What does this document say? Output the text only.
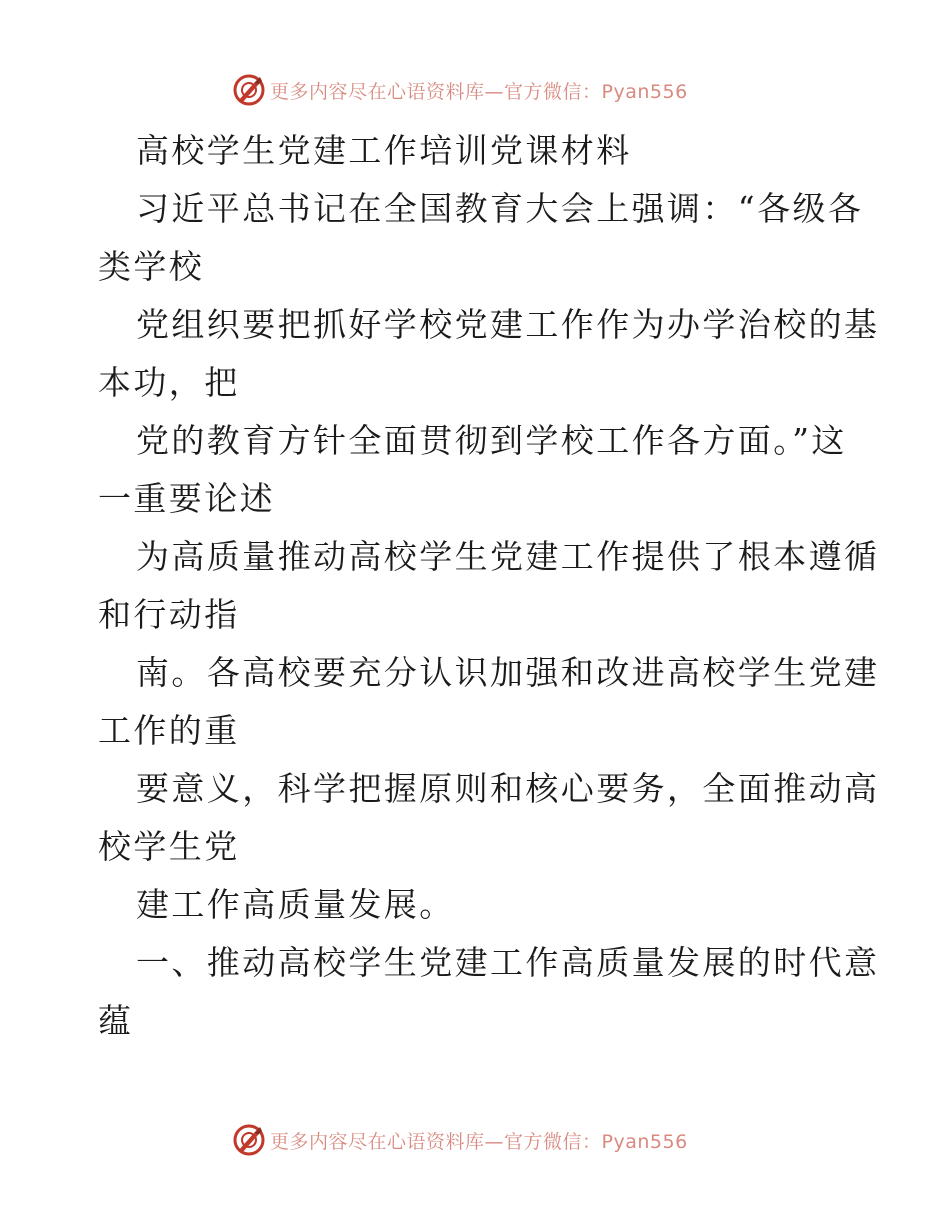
更多内容尽在心语资料库—官方微信：Pyan556
高校学生党建工作培训党课材料
习近平总书记在全国教育大会上强调：“各级各
类学校
党组织要把抓好学校党建工作作为办学治校的基
本功，把
党的教育方针全面贯彻到学校工作各方面。”这
一重要论述
为高质量推动高校学生党建工作提供了根本遵循
和行动指
南。各高校要充分认识加强和改进高校学生党建
工作的重
要意义，科学把握原则和核心要务，全面推动高
校学生党
建工作高质量发展。
一、推动高校学生党建工作高质量发展的时代意
蕴
更多内容尽在心语资料库—官方微信：Pyan556
